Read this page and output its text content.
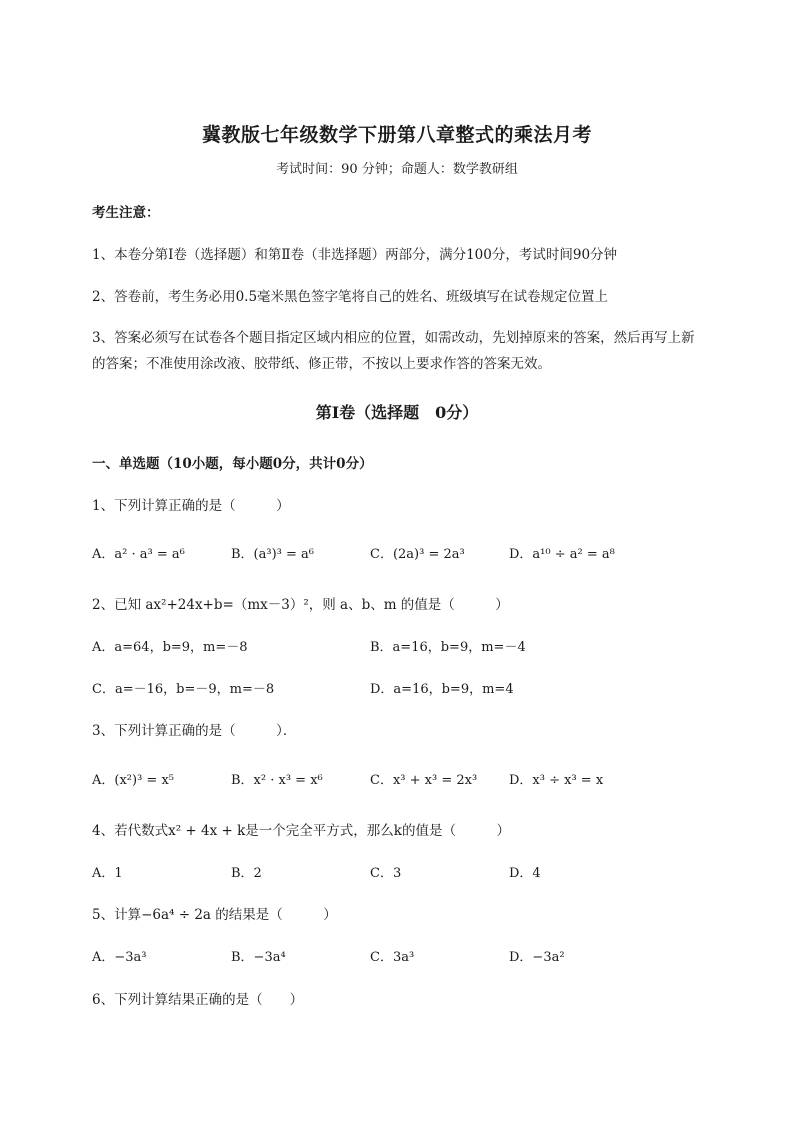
冀教版七年级数学下册第八章整式的乘法月考
考试时间：90 分钟；命题人：数学教研组
考生注意：
1、本卷分第Ⅰ卷（选择题）和第Ⅱ卷（非选择题）两部分，满分100分，考试时间90分钟
2、答卷前，考生务必用0.5毫米黑色签字笔将自己的姓名、班级填写在试卷规定位置上
3、答案必须写在试卷各个题目指定区域内相应的位置，如需改动，先划掉原来的答案，然后再写上新
的答案；不准使用涂改液、胶带纸、修正带，不按以上要求作答的答案无效。
第Ⅰ卷（选择题　0分）
一、单选题（10小题，每小题0分，共计0分）
1、下列计算正确的是（　　　）
A．a² · a³ = a⁶	B．(a³)³ = a⁶	C．(2a)³ = 2a³	D．a¹⁰ ÷ a² = a⁸
2、已知 ax²+24x+b=（mx－3）²，则 a、b、m 的值是（　　　）
A．a=64，b=9，m=－8	B．a=16，b=9，m=－4
C．a=－16，b=－9，m=－8	D．a=16，b=9，m=4
3、下列计算正确的是（　　　）．
A．(x²)³ = x⁵	B．x² · x³ = x⁶	C．x³ + x³ = 2x³ D．x³ ÷ x³ = x
4、若代数式x² + 4x + k是一个完全平方式，那么k的值是（　　　）
A．1	B．2	C．3	D．4
5、计算−6a⁴ ÷ 2a 的结果是（　　　）
A．−3a³	B．−3a⁴	C．3a³	D．−3a²
6、下列计算结果正确的是（　　）
